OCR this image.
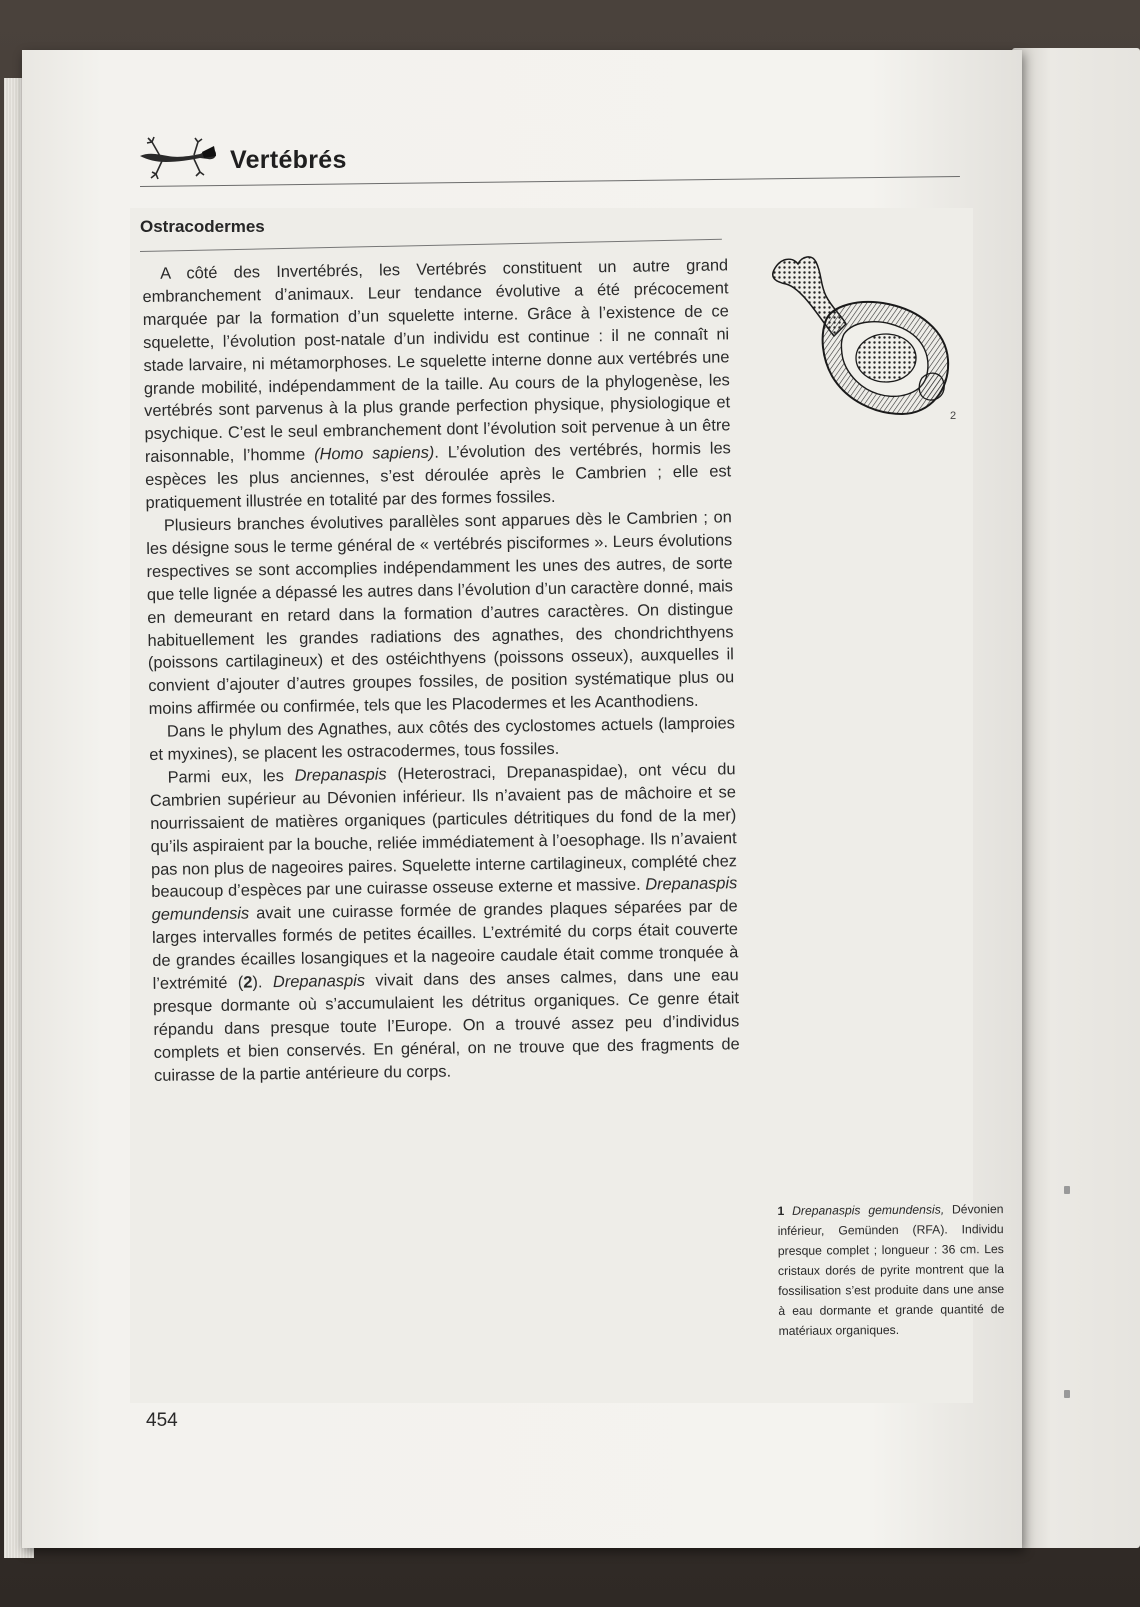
Vertébrés
Ostracodermes

A côté des Invertébrés, les Vertébrés constituent un autre grand embranchement d’animaux. Leur tendance évolutive a été précocement marquée par la formation d’un squelette interne. Grâce à l’existence de ce squelette, l’évolution post-natale d’un individu est continue : il ne connaît ni stade larvaire, ni métamorphoses. Le squelette interne donne aux vertébrés une grande mobilité, indépendamment de la taille. Au cours de la phylogenèse, les vertébrés sont parvenus à la plus grande perfection physique, physiologique et psychique. C’est le seul embranchement dont l’évolution soit pervenue à un être raisonnable, l’homme (Homo sapiens). L’évolution des vertébrés, hormis les espèces les plus anciennes, s’est déroulée après le Cambrien ; elle est pratiquement illustrée en totalité par des formes fossiles.

Plusieurs branches évolutives parallèles sont apparues dès le Cambrien ; on les désigne sous le terme général de « vertébrés pisciformes ». Leurs évolutions respectives se sont accomplies indépendamment les unes des autres, de sorte que telle lignée a dépassé les autres dans l’évolution d’un caractère donné, mais en demeurant en retard dans la formation d’autres caractères. On distingue habituellement les grandes radiations des agnathes, des chondrichthyens (poissons cartilagineux) et des ostéichthyens (poissons osseux), auxquelles il convient d’ajouter d’autres groupes fossiles, de position systématique plus ou moins affirmée ou confirmée, tels que les Placodermes et les Acanthodiens.

Dans le phylum des Agnathes, aux côtés des cyclostomes actuels (lamproies et myxines), se placent les ostracodermes, tous fossiles.

Parmi eux, les Drepanaspis (Heterostraci, Drepanaspidae), ont vécu du Cambrien supérieur au Dévonien inférieur. Ils n’avaient pas de mâchoire et se nourrissaient de matières organiques (particules détritiques du fond de la mer) qu’ils aspiraient par la bouche, reliée immédiatement à l’oesophage. Ils n’avaient pas non plus de nageoires paires. Squelette interne cartilagineux, complété chez beaucoup d’espèces par une cuirasse osseuse externe et massive. Drepanaspis gemundensis avait une cuirasse formée de grandes plaques séparées par de larges intervalles formés de petites écailles. L’extrémité du corps était couverte de grandes écailles losangiques et la nageoire caudale était comme tronquée à l’extrémité (2). Drepanaspis vivait dans des anses calmes, dans une eau presque dormante où s’accumulaient les détritus organiques. Ce genre était répandu dans presque toute l’Europe. On a trouvé assez peu d’individus complets et bien conservés. En général, on ne trouve que des fragments de cuirasse de la partie antérieure du corps.

2
1 Drepanaspis gemundensis, Dévonien inférieur, Gemünden (RFA). Individu presque complet ; longueur : 36 cm. Les cristaux dorés de pyrite montrent que la fossilisation s’est produite dans une anse à eau dormante et grande quantité de matériaux organiques.
454
